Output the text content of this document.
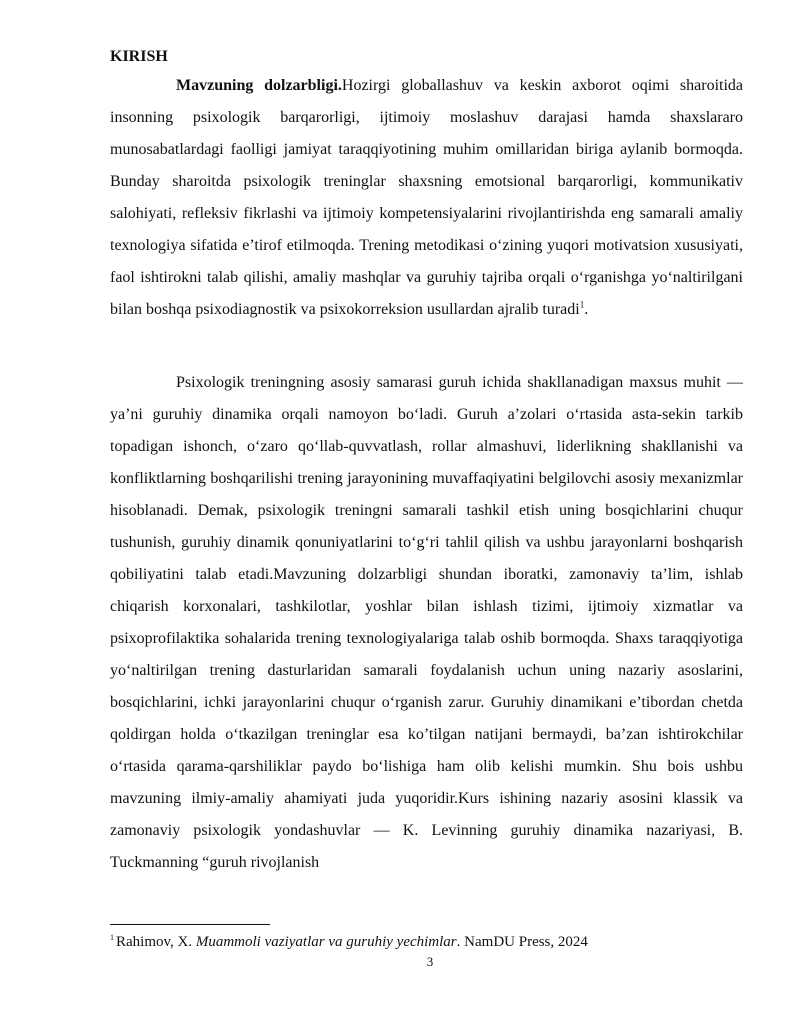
KIRISH

Mavzuning dolzarbligi.Hozirgi globallashuv va keskin axborot oqimi sharoitida insonning psixologik barqarorligi, ijtimoiy moslashuv darajasi hamda shaxslararo munosabatlardagi faolligi jamiyat taraqqiyotining muhim omillaridan biriga aylanib bormoqda. Bunday sharoitda psixologik treninglar shaxsning emotsional barqarorligi, kommunikativ salohiyati, refleksiv fikrlashi va ijtimoiy kompetensiyalarini rivojlantirishda eng samarali amaliy texnologiya sifatida e’tirof etilmoqda. Trening metodikasi o‘zining yuqori motivatsion xususiyati, faol ishtirokni talab qilishi, amaliy mashqlar va guruhiy tajriba orqali o‘rganishga yo‘naltirilgani bilan boshqa psixodiagnostik va psixokorreksion usullardan ajralib turadi$^1$.

Psixologik treningning asosiy samarasi guruh ichida shakllanadigan maxsus muhit — ya’ni guruhiy dinamika orqali namoyon bo‘ladi. Guruh a’zolari o‘rtasida asta-sekin tarkib topadigan ishonch, o‘zaro qo‘llab-quvvatlash, rollar almashuvi, liderlikning shakllanishi va konfliktlarning boshqarilishi trening jarayonining muvaffaqiyatini belgilovchi asosiy mexanizmlar hisoblanadi. Demak, psixologik treningni samarali tashkil etish uning bosqichlarini chuqur tushunish, guruhiy dinamik qonuniyatlarini to‘g‘ri tahlil qilish va ushbu jarayonlarni boshqarish qobiliyatini talab etadi.Mavzuning dolzarbligi shundan iboratki, zamonaviy ta’lim, ishlab chiqarish korxonalari, tashkilotlar, yoshlar bilan ishlash tizimi, ijtimoiy xizmatlar va psixoprofilaktika sohalarida trening texnologiyalariga talab oshib bormoqda. Shaxs taraqqiyotiga yo‘naltirilgan trening dasturlaridan samarali foydalanish uchun uning nazariy asoslarini, bosqichlarini, ichki jarayonlarini chuqur o‘rganish zarur. Guruhiy dinamikani e’tibordan chetda qoldirgan holda o‘tkazilgan treninglar esa ko’tilgan natijani bermaydi, ba’zan ishtirokchilar o‘rtasida qarama-qarshiliklar paydo bo‘lishiga ham olib kelishi mumkin. Shu bois ushbu mavzuning ilmiy-amaliy ahamiyati juda yuqoridir.Kurs ishining nazariy asosini klassik va zamonaviy psixologik yondashuvlar — K. Levinning guruhiy dinamika nazariyasi, B. Tuckmanning “guruh rivojlanish

$^1$ Rahimov, X. Muammoli vaziyatlar va guruhiy yechimlar. NamDU Press, 2024

3
